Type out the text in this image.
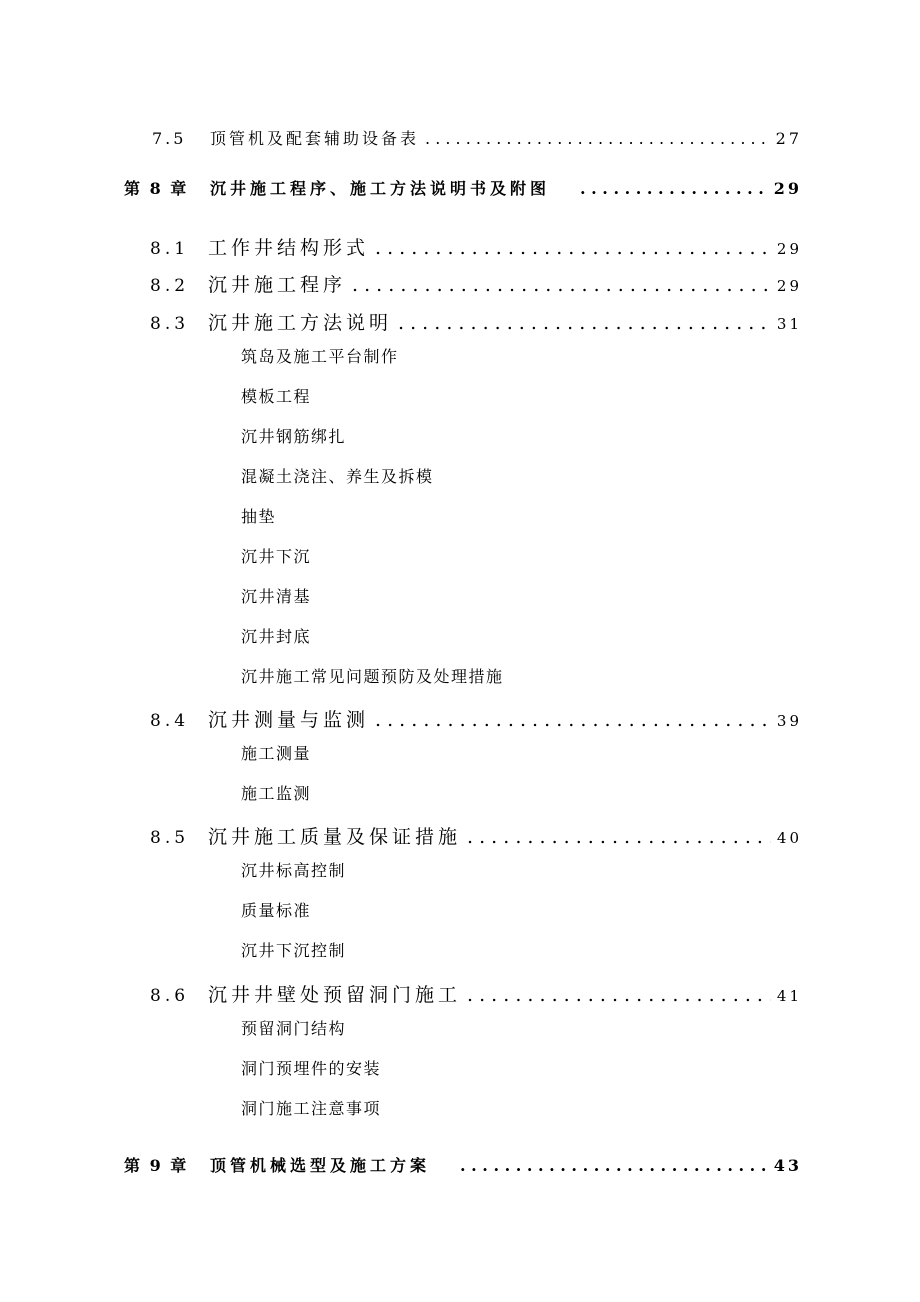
7.5	顶管机及配套辅助设备表 . . .	27
第 8 章	沉井施工程序、施工方法说明书及附图 . . .	29
8.1 工作井结构形式 . . .	29
8.2 沉井施工程序 . . .	29
8.3 沉井施工方法说明 . . .	31
筑岛及施工平台制作
模板工程
沉井钢筋绑扎
混凝土浇注、养生及拆模
抽垫
沉井下沉
沉井清基
沉井封底
沉井施工常见问题预防及处理措施
8.4 沉井测量与监测 . . .	39
施工测量
施工监测
8.5 沉井施工质量及保证措施 . . .	40
沉井标高控制
质量标准
沉井下沉控制
8.6 沉井井壁处预留洞门施工 . . .	41
预留洞门结构
洞门预埋件的安装
洞门施工注意事项
第 9 章	顶管机械选型及施工方案 . . .	43
